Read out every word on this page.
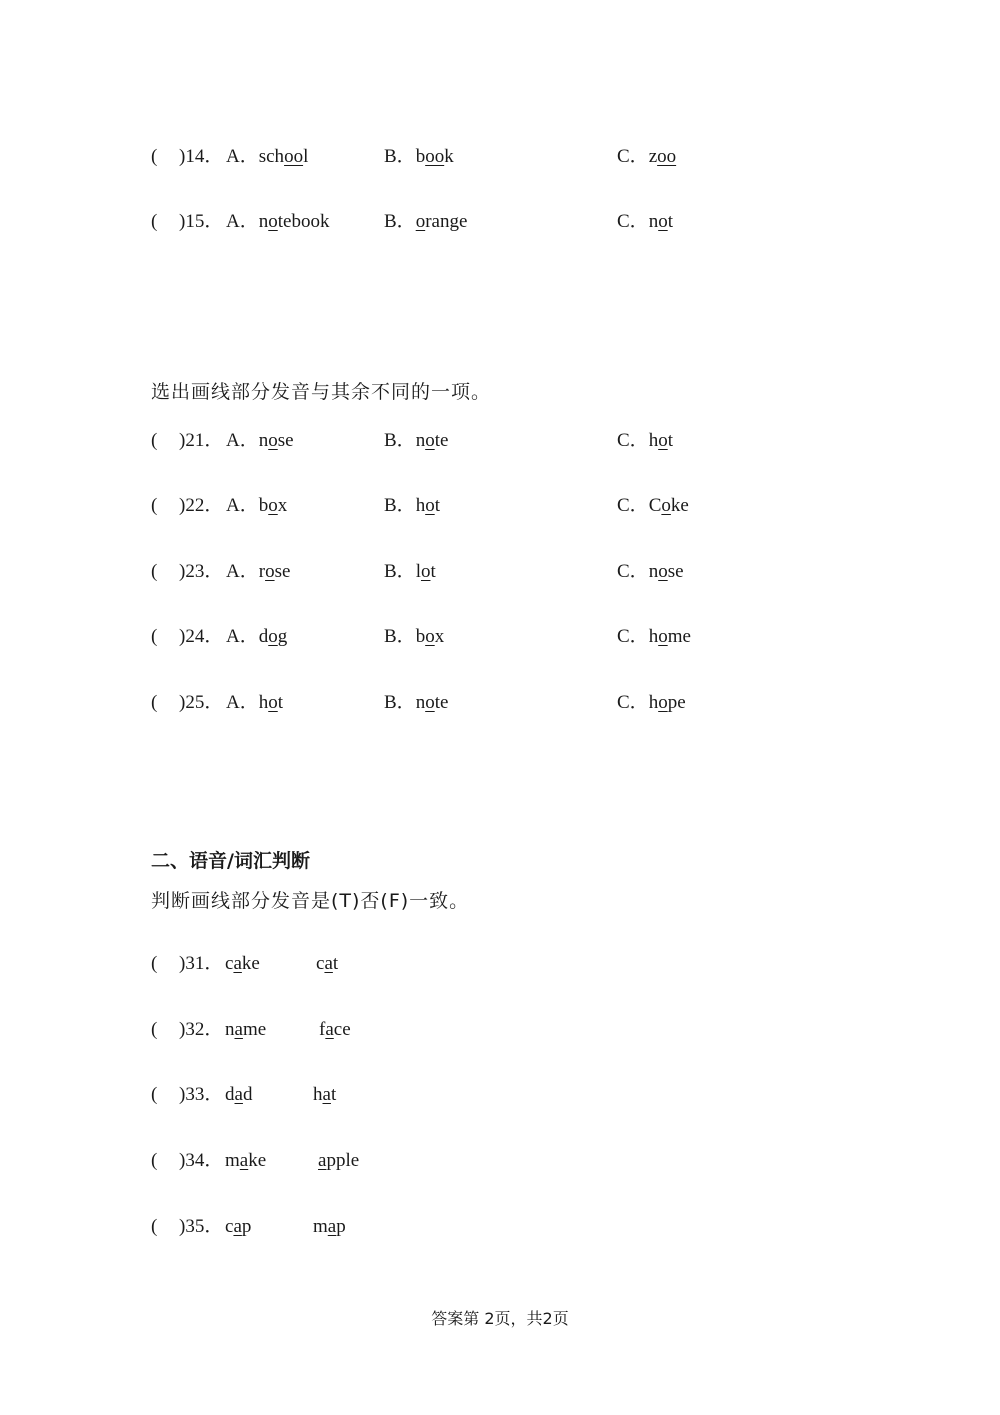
( )14． A．school	B．book	C．zoo
( )15． A．notebook	B．orange	C．not
选出画线部分发音与其余不同的一项。
( )21． A．nose	B．note	C．hot
( )22． A．box	B．hot	C．Coke
( )23． A．rose	B．lot	C．nose
( )24． A．dog	B．box	C．home
( )25． A．hot	B．note	C．hope
二、语音/词汇判断
判断画线部分发音是(T)否(F)一致。
( )31． cake	cat
( )32． name	face
( )33． dad	hat
( )34． make	apple
( )35． cap	map
答案第 2页，共2页
